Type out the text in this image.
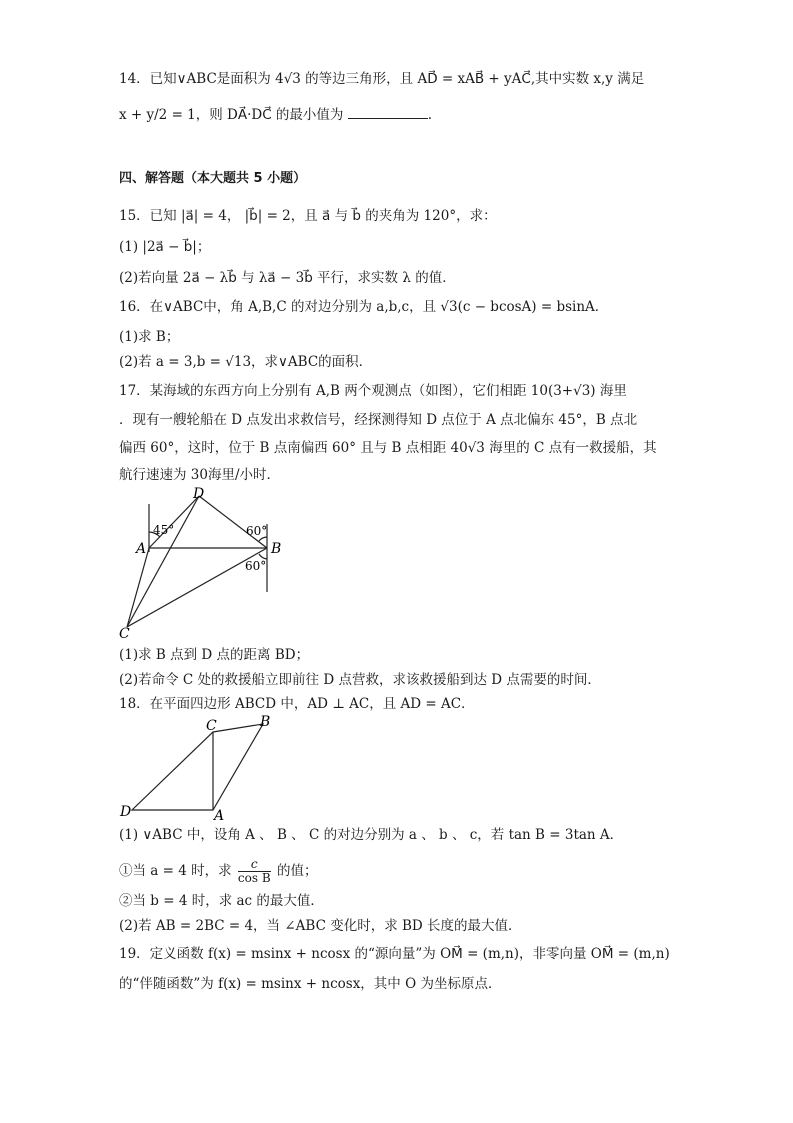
14．已知∨ABC是面积为 4√3 的等边三角形，且 AD⃗ = xAB⃗ + yAC⃗,其中实数 x,y 满足
x + y/2 = 1，则 DA⃗·DC⃗ 的最小值为	.
四、解答题（本大题共 5 小题）
15．已知 |a⃗| = 4， |b⃗| = 2，且 a⃗ 与 b⃗ 的夹角为 120°，求：
(1) |2a⃗ − b⃗|；
(2)若向量 2a⃗ − λb⃗ 与 λa⃗ − 3b⃗ 平行，求实数 λ 的值．
16．在∨ABC中，角 A,B,C 的对边分别为 a,b,c，且 √3(c − bcosA) = bsinA．
(1)求 B；
(2)若 a = 3,b = √13，求∨ABC的面积．
17．某海域的东西方向上分别有 A,B 两个观测点（如图），它们相距 10(3+√3) 海里
．现有一艘轮船在 D 点发出求救信号，经探测得知 D 点位于 A 点北偏东 45°，B 点北
偏西 60°，这时，位于 B 点南偏西 60° 且与 B 点相距 40√3 海里的 C 点有一救援船，其
航行速速为 30海里/小时．
D
A	B
C
45°	60°
60°
(1)求 B 点到 D 点的距离 BD；
(2)若命令 C 处的救援船立即前往 D 点营救，求该救援船到达 D 点需要的时间．
18．在平面四边形 ABCD 中，AD ⊥ AC，且 AD = AC．
C	B
D	A
(1) ∨ABC 中，设角 A 、 B 、 C 的对边分别为 a 、 b 、 c，若 tan B = 3tan A．
①当 a = 4 时，求 $\frac{c}{\text{cos B}}$ 的值；
②当 b = 4 时，求 ac 的最大值．
(2)若 AB = 2BC = 4，当 ∠ABC 变化时，求 BD 长度的最大值．
19．定义函数 f(x) = msinx + ncosx 的“源向量”为 OM⃗ = (m,n)，非零向量 OM⃗ = (m,n)
的“伴随函数”为 f(x) = msinx + ncosx，其中 O 为坐标原点．
